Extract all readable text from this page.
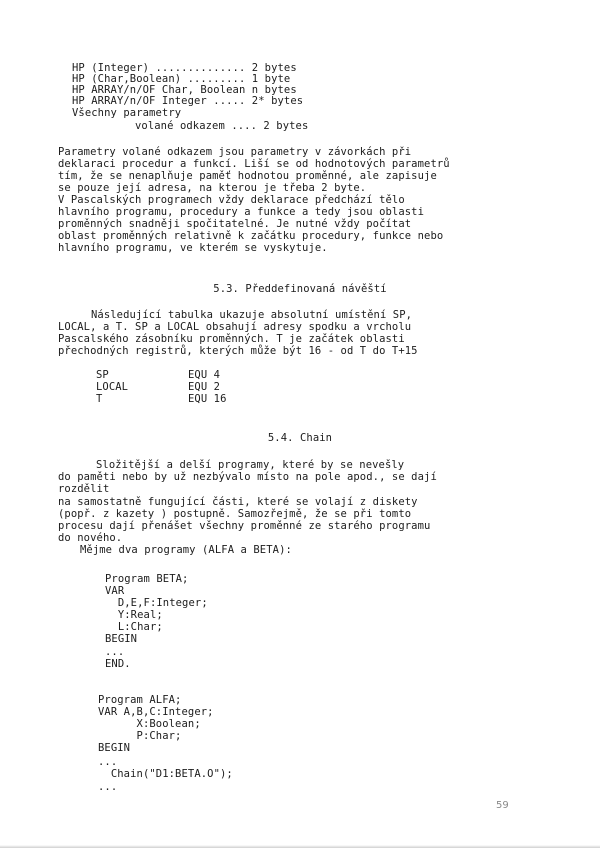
HP (Integer) .............. 2 bytes
HP (Char,Boolean) ......... 1 byte
HP ARRAY/n/OF Char, Boolean n bytes
HP ARRAY/n/OF Integer ..... 2* bytes
Všechny parametry
volané odkazem .... 2 bytes
Parametry volané odkazem jsou parametry v závorkách při
deklaraci procedur a funkcí. Liší se od hodnotových parametrů
tím, že se nenaplňuje paměť hodnotou proměnné, ale zapisuje
se pouze její adresa, na kterou je třeba 2 byte.
V Pascalských programech vždy deklarace předchází tělo
hlavního programu, procedury a funkce a tedy jsou oblasti
proměnných snadněji spočitatelné. Je nutné vždy počítat
oblast proměnných relativně k začátku procedury, funkce nebo
hlavního programu, ve kterém se vyskytuje.
5.3. Předdefinovaná návěští
Následující tabulka ukazuje absolutní umístění SP,
LOCAL, a T. SP a LOCAL obsahují adresy spodku a vrcholu
Pascalského zásobníku proměnných. T je začátek oblasti
přechodných registrů, kterých může být 16 - od T do T+15
SP	EQU 4
LOCAL	EQU 2
T	EQU 16
5.4. Chain
Složitější a delší programy, které by se nevešly
do paměti nebo by už nezbývalo místo na pole apod., se dají
rozdělit
na samostatně fungující části, které se volají z diskety
(popř. z kazety ) postupně. Samozřejmě, že se při tomto
procesu dají přenášet všechny proměnné ze starého programu
do nového.
Mějme dva programy (ALFA a BETA):
Program BETA;
VAR
D,E,F:Integer;
Y:Real;
L:Char;
BEGIN
...
END.
Program ALFA;
VAR A,B,C:Integer;
X:Boolean;
P:Char;
BEGIN
...
Chain("D1:BETA.O");
...
59
